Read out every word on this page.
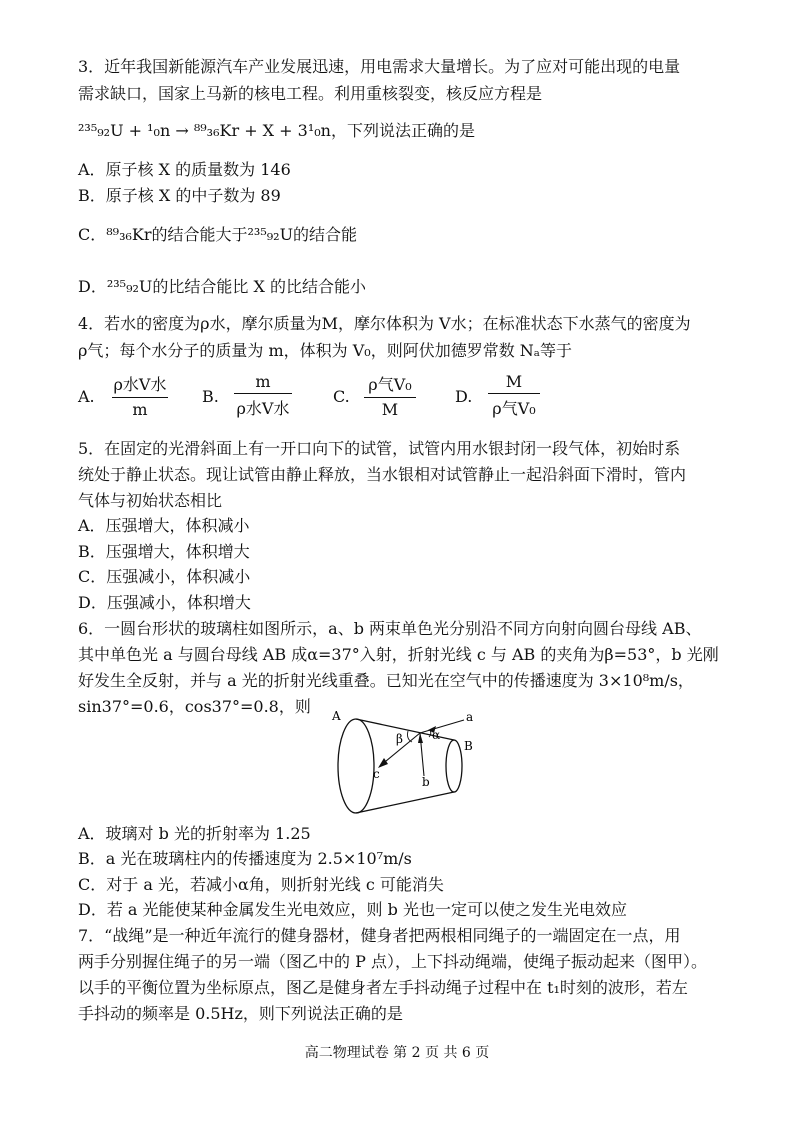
3．近年我国新能源汽车产业发展迅速，用电需求大量增长。为了应对可能出现的电量
需求缺口，国家上马新的核电工程。利用重核裂变，核反应方程是
²³⁵₉₂U + ¹₀n → ⁸⁹₃₆Kr + X + 3¹₀n，下列说法正确的是
A．原子核 X 的质量数为 146
B．原子核 X 的中子数为 89
C．⁸⁹₃₆Kr的结合能大于²³⁵₉₂U的结合能
D．²³⁵₉₂U的比结合能比 X 的比结合能小
4．若水的密度为ρ水，摩尔质量为M，摩尔体积为 V水；在标准状态下水蒸气的密度为
ρ气；每个水分子的质量为 m，体积为 V₀，则阿伏加德罗常数 Nₐ等于
A.
ρ水V水
m
B.
m
ρ水V水
C.
ρ气V₀
M
D.
M
ρ气V₀
5．在固定的光滑斜面上有一开口向下的试管，试管内用水银封闭一段气体，初始时系
统处于静止状态。现让试管由静止释放，当水银相对试管静止一起沿斜面下滑时，管内
气体与初始状态相比
A．压强增大，体积减小
B．压强增大，体积增大
C．压强减小，体积减小
D．压强减小，体积增大
6．一圆台形状的玻璃柱如图所示，a、b 两束单色光分别沿不同方向射向圆台母线 AB、
其中单色光 a 与圆台母线 AB 成α=37°入射，折射光线 c 与 AB 的夹角为β=53°，b 光刚
好发生全反射，并与 a 光的折射光线重叠。已知光在空气中的传播速度为 3×10⁸m/s，
sin37°=0.6，cos37°=0.8，则 A
B
a
b
c
α
β
A．玻璃对 b 光的折射率为 1.25
B．a 光在玻璃柱内的传播速度为 2.5×10⁷m/s
C．对于 a 光，若减小α角，则折射光线 c 可能消失
D．若 a 光能使某种金属发生光电效应，则 b 光也一定可以使之发生光电效应
7．“战绳”是一种近年流行的健身器材，健身者把两根相同绳子的一端固定在一点，用
两手分别握住绳子的另一端（图乙中的 P 点），上下抖动绳端，使绳子振动起来（图甲）。
以手的平衡位置为坐标原点，图乙是健身者左手抖动绳子过程中在 t₁时刻的波形，若左
手抖动的频率是 0.5Hz，则下列说法正确的是
高二物理试卷 第 2 页 共 6 页
